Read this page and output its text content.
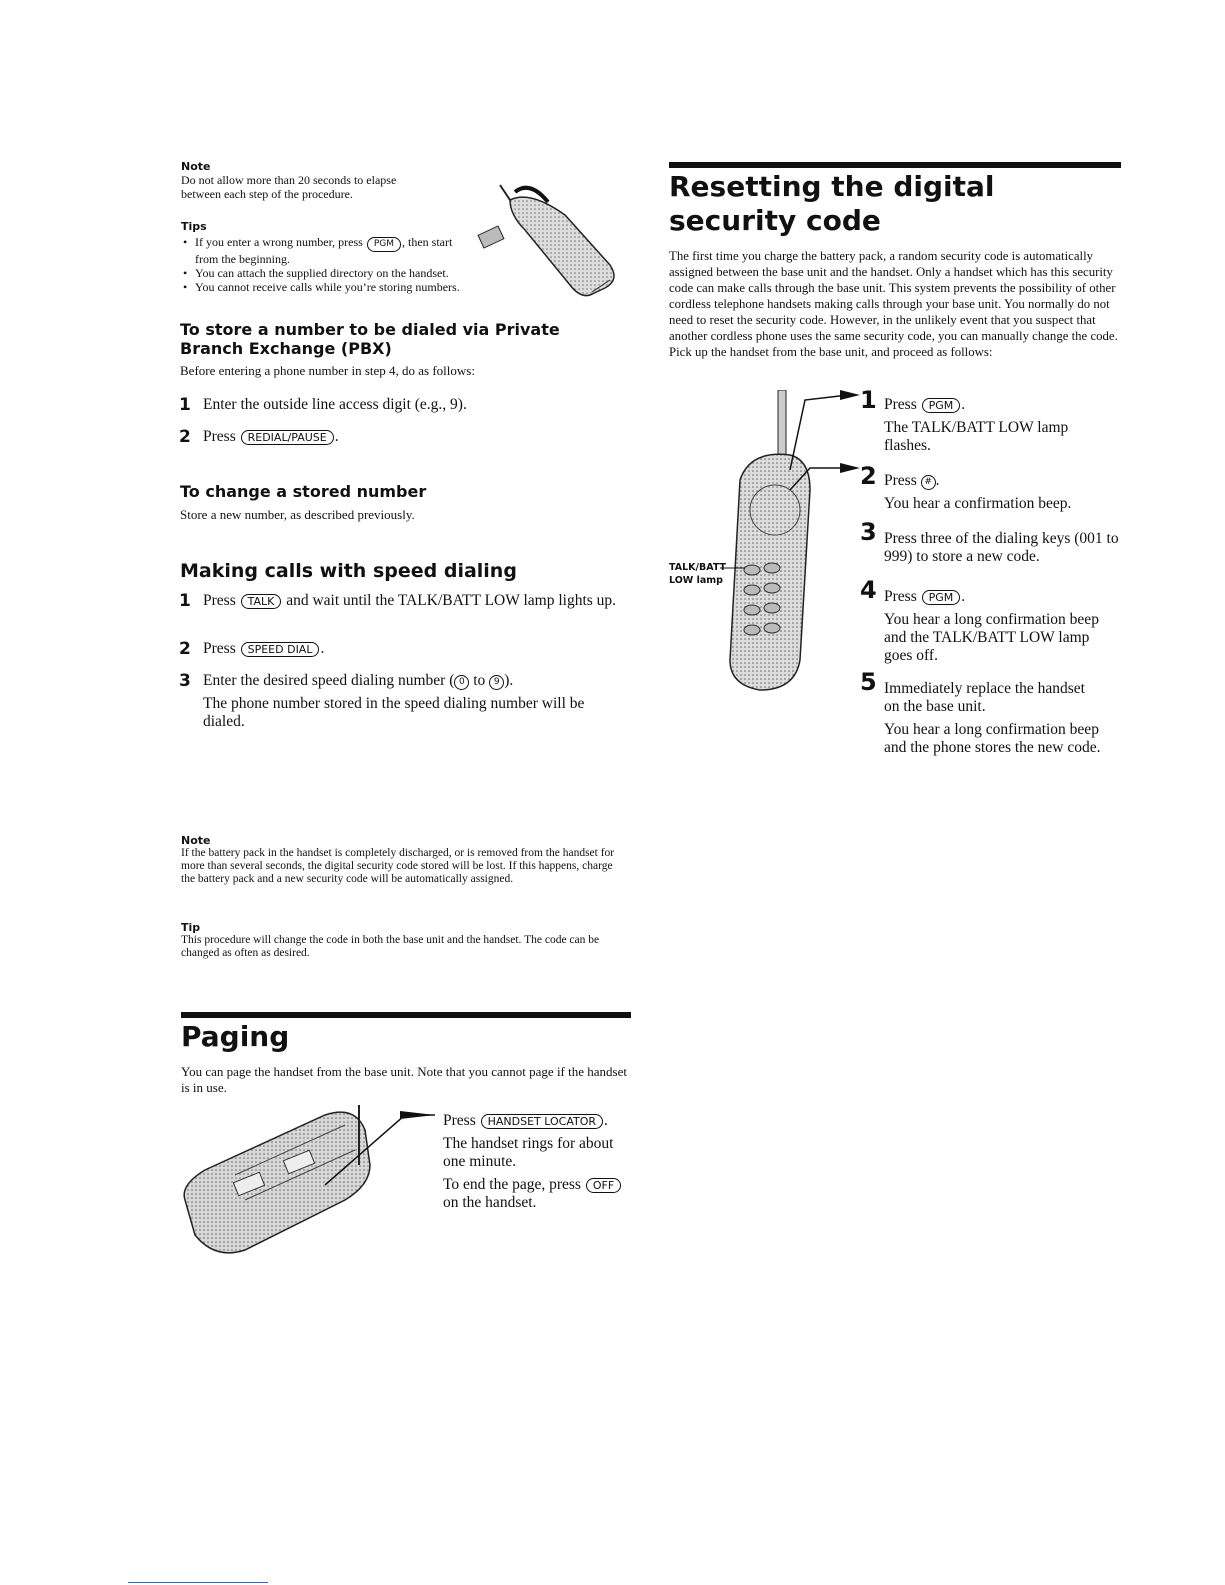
Note
Do not allow more than 20 seconds to elapse between each step of the procedure.
Tips
• If you enter a wrong number, press PGM , then start from the beginning.
• You can attach the supplied directory on the handset.
• You cannot receive calls while you’re storing numbers.
To store a number to be dialed via Private Branch Exchange (PBX)
Before entering a phone number in step 4, do as follows:
1 Enter the outside line access digit (e.g., 9).

2 Press REDIAL/PAUSE .

To change a stored number
Store a new number, as described previously.
Making calls with speed dialing
1 Press TALK and wait until the TALK/BATT LOW lamp lights up.

2 Press SPEED DIAL .

3 Enter the desired speed dialing number ( 0 to 9 ).

The phone number stored in the speed dialing number will be dialed.

Note
If the battery pack in the handset is completely discharged, or is removed from the handset for more than several seconds, the digital security code stored will be lost. If this happens, charge the battery pack and a new security code will be automatically assigned.
Tip
This procedure will change the code in both the base unit and the handset. The code can be changed as often as desired.
Paging
You can page the handset from the base unit. Note that you cannot page if the handset is in use.

Press HANDSET LOCATOR .

The handset rings for about one minute.

To end the page, press OFF on the handset.

Resetting the digital security code
The first time you charge the battery pack, a random security code is automatically assigned between the base unit and the handset. Only a handset which has this security code can make calls through the base unit. This system prevents the possibility of other cordless telephone handsets making calls through your base unit. You normally do not need to reset the security code. However, in the unlikely event that you suspect that another cordless phone uses the same security code, you can manually change the code. Pick up the handset from the base unit, and proceed as follows:
TALK/BATT
LOW lamp
1
2
3
4
5

Press PGM .

The TALK/BATT LOW lamp flashes.

Press # .

You hear a confirmation beep.

Press three of the dialing keys (001 to 999) to store a new code.

Press PGM .

You hear a long confirmation beep and the TALK/BATT LOW lamp goes off.

Immediately replace the handset on the base unit.

You hear a long confirmation beep and the phone stores the new code.
